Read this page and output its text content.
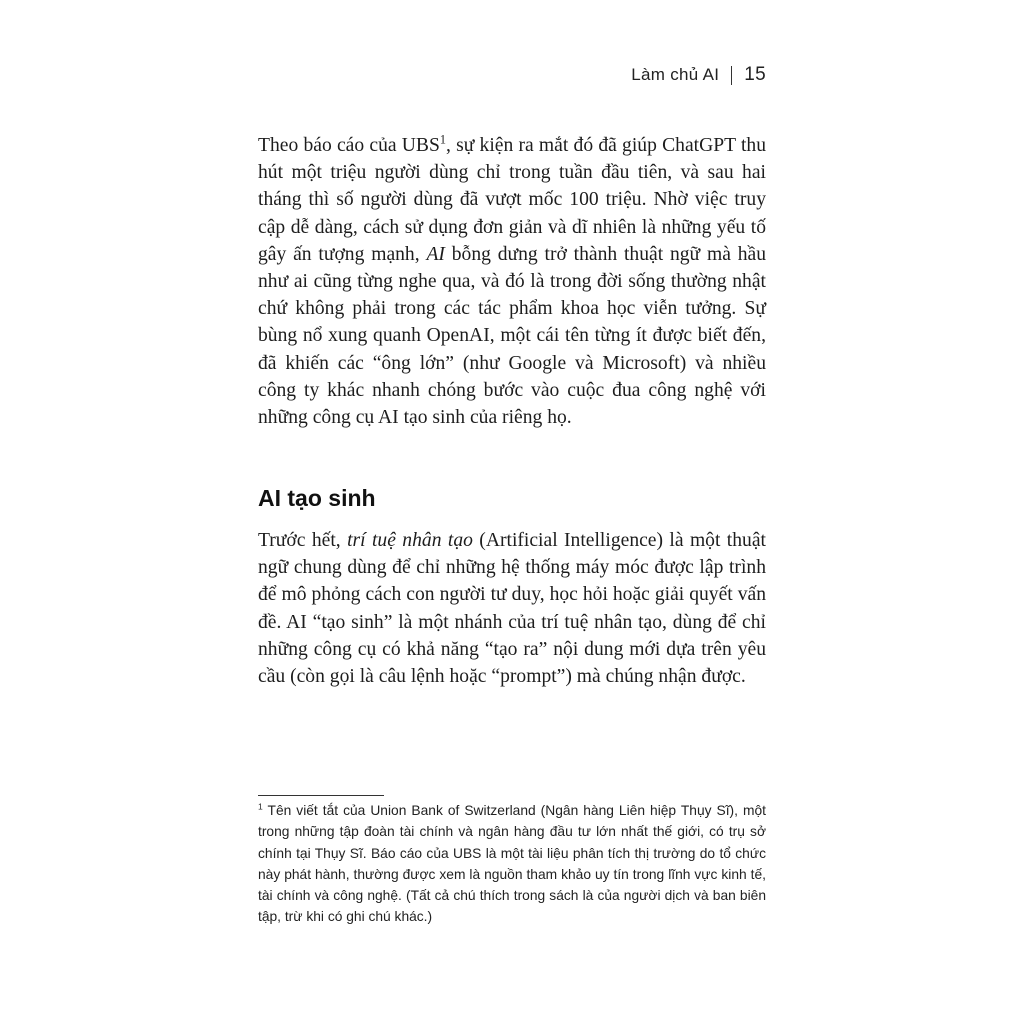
Làm chủ AI 15

Theo báo cáo của UBS$^1$, sự kiện ra mắt đó đã giúp ChatGPT thu hút một triệu người dùng chỉ trong tuần đầu tiên, và sau hai tháng thì số người dùng đã vượt mốc 100 triệu. Nhờ việc truy cập dễ dàng, cách sử dụng đơn giản và dĩ nhiên là những yếu tố gây ấn tượng mạnh, AI bỗng dưng trở thành thuật ngữ mà hầu như ai cũng từng nghe qua, và đó là trong đời sống thường nhật chứ không phải trong các tác phẩm khoa học viễn tưởng. Sự bùng nổ xung quanh OpenAI, một cái tên từng ít được biết đến, đã khiến các “ông lớn” (như Google và Microsoft) và nhiều công ty khác nhanh chóng bước vào cuộc đua công nghệ với những công cụ AI tạo sinh của riêng họ.

AI tạo sinh

Trước hết, trí tuệ nhân tạo (Artificial Intelligence) là một thuật ngữ chung dùng để chỉ những hệ thống máy móc được lập trình để mô phỏng cách con người tư duy, học hỏi hoặc giải quyết vấn đề. AI “tạo sinh” là một nhánh của trí tuệ nhân tạo, dùng để chỉ những công cụ có khả năng “tạo ra” nội dung mới dựa trên yêu cầu (còn gọi là câu lệnh hoặc “prompt”) mà chúng nhận được.

$^1$ Tên viết tắt của Union Bank of Switzerland (Ngân hàng Liên hiệp Thụy Sĩ), một trong những tập đoàn tài chính và ngân hàng đầu tư lớn nhất thế giới, có trụ sở chính tại Thụy Sĩ. Báo cáo của UBS là một tài liệu phân tích thị trường do tổ chức này phát hành, thường được xem là nguồn tham khảo uy tín trong lĩnh vực kinh tế, tài chính và công nghệ. (Tất cả chú thích trong sách là của người dịch và ban biên tập, trừ khi có ghi chú khác.)
